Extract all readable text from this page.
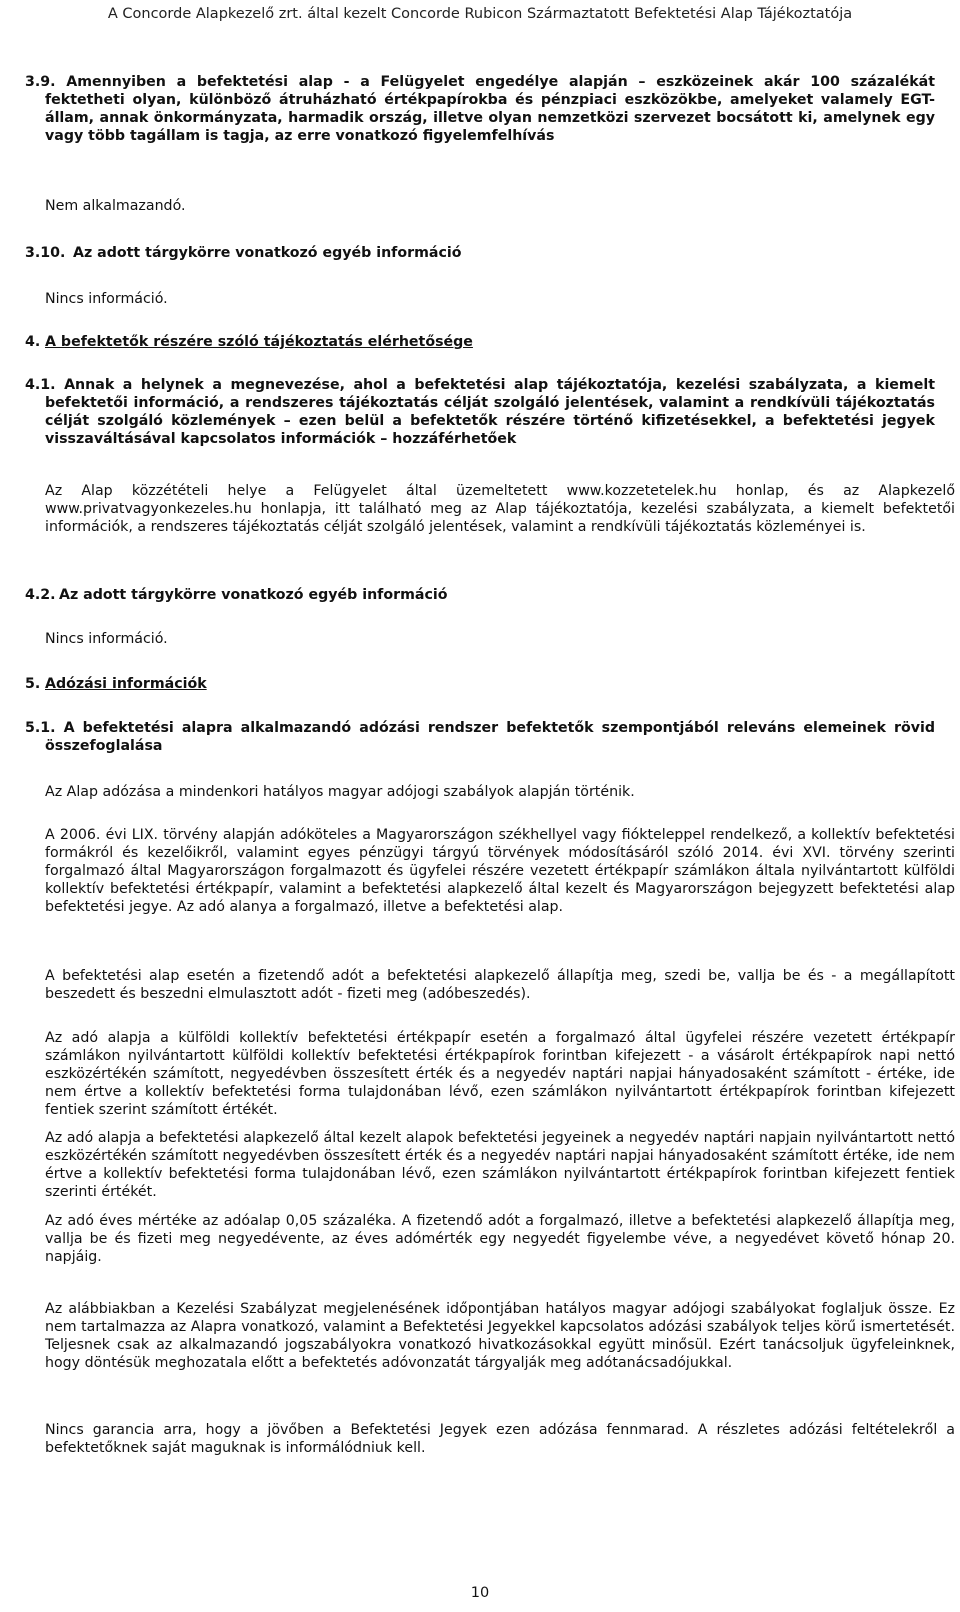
A Concorde Alapkezelő zrt. által kezelt Concorde Rubicon Származtatott Befektetési Alap Tájékoztatója
3.9. Amennyiben a befektetési alap - a Felügyelet engedélye alapján – eszközeinek akár 100 százalékát fektetheti olyan, különböző átruházható értékpapírokba és pénzpiaci eszközökbe, amelyeket valamely EGT-állam, annak önkormányzata, harmadik ország, illetve olyan nemzetközi szervezet bocsátott ki, amelynek egy vagy több tagállam is tagja, az erre vonatkozó figyelemfelhívás
Nem alkalmazandó.
3.10. Az adott tárgykörre vonatkozó egyéb információ
Nincs információ.
4. A befektetők részére szóló tájékoztatás elérhetősége
4.1. Annak a helynek a megnevezése, ahol a befektetési alap tájékoztatója, kezelési szabályzata, a kiemelt befektetői információ, a rendszeres tájékoztatás célját szolgáló jelentések, valamint a rendkívüli tájékoztatás célját szolgáló közlemények – ezen belül a befektetők részére történő kifizetésekkel, a befektetési jegyek visszaváltásával kapcsolatos információk – hozzáférhetőek
Az Alap közzétételi helye a Felügyelet által üzemeltetett www.kozzetetelek.hu honlap, és az Alapkezelő www.privatvagyonkezeles.hu honlapja, itt található meg az Alap tájékoztatója, kezelési szabályzata, a kiemelt befektetői információk, a rendszeres tájékoztatás célját szolgáló jelentések, valamint a rendkívüli tájékoztatás közleményei is.
4.2. Az adott tárgykörre vonatkozó egyéb információ
Nincs információ.
5. Adózási információk
5.1. A befektetési alapra alkalmazandó adózási rendszer befektetők szempontjából releváns elemeinek rövid összefoglalása
Az Alap adózása a mindenkori hatályos magyar adójogi szabályok alapján történik.
A 2006. évi LIX. törvény alapján adóköteles a Magyarországon székhellyel vagy fióktelеppel rendelkező, a kollektív befektetési formákról és kezelőikről, valamint egyes pénzügyi tárgyú törvények módosításáról szóló 2014. évi XVI. törvény szerinti forgalmazó által Magyarországon forgalmazott és ügyfelei részére vezetett értékpapír számlákon általa nyilvántartott külföldi kollektív befektetési értékpapír, valamint a befektetési alapkezelő által kezelt és Magyarországon bejegyzett befektetési alap befektetési jegye. Az adó alanya a forgalmazó, illetve a befektetési alap.
A befektetési alap esetén a fizetendő adót a befektetési alapkezelő állapítja meg, szedi be, vallja be és - a megállapított beszedett és beszedni elmulasztott adót - fizeti meg (adóbeszedés).
Az adó alapja a külföldi kollektív befektetési értékpapír esetén a forgalmazó által ügyfelei részére vezetett értékpapír számlákon nyilvántartott külföldi kollektív befektetési értékpapírok forintban kifejezett - a vásárolt értékpapírok napi nettó eszközértékén számított, negyedévben összesített érték és a negyedév naptári napjai hányadosaként számított - értéke, ide nem értve a kollektív befektetési forma tulajdonában lévő, ezen számlákon nyilvántartott értékpapírok forintban kifejezett fentiek szerint számított értékét.
Az adó alapja a befektetési alapkezelő által kezelt alapok befektetési jegyeinek a negyedév naptári napjain nyilvántartott nettó eszközértékén számított negyedévben összesített érték és a negyedév naptári napjai hányadosaként számított értéke, ide nem értve a kollektív befektetési forma tulajdonában lévő, ezen számlákon nyilvántartott értékpapírok forintban kifejezett fentiek szerinti értékét.
Az adó éves mértéke az adóalap 0,05 százaléka. A fizetendő adót a forgalmazó, illetve a befektetési alapkezelő állapítja meg, vallja be és fizeti meg negyedévente, az éves adómérték egy negyedét figyelembe véve, a negyedévet követő hónap 20. napjáig.
Az alábbiakban a Kezelési Szabályzat megjelenésének időpontjában hatályos magyar adójogi szabályokat foglaljuk össze. Ez nem tartalmazza az Alapra vonatkozó, valamint a Befektetési Jegyekkel kapcsolatos adózási szabályok teljes körű ismertetését. Teljesnek csak az alkalmazandó jogszabályokra vonatkozó hivatkozásokkal együtt minősül. Ezért tanácsoljuk ügyfeleinknek, hogy döntésük meghozatala előtt a befektetés adóvonzatát tárgyalják meg adótanácsadójukkal.
Nincs garancia arra, hogy a jövőben a Befektetési Jegyek ezen adózása fennmarad. A részletes adózási feltételekről a befektetőknek saját maguknak is informálódniuk kell.
10
